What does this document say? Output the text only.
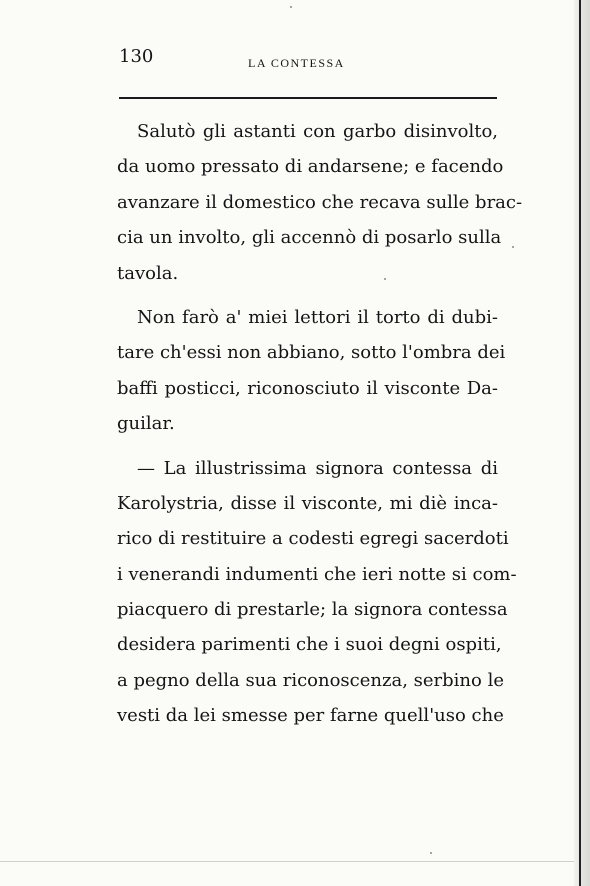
130	LA CONTESSA

Salutò gli astanti con garbo disinvolto,
da uomo pressato di andarsene; e facendo
avanzare il domestico che recava sulle brac-
cia un involto, gli accennò di posarlo sulla
tavola.

Non farò a' miei lettori il torto di dubi-
tare ch'essi non abbiano, sotto l'ombra dei
baffi posticci, riconosciuto il visconte Da-
guilar.

— La illustrissima signora contessa di
Karolystria, disse il visconte, mi diè inca-
rico di restituire a codesti egregi sacerdoti
i venerandi indumenti che ieri notte si com-
piacquero di prestarle; la signora contessa
desidera parimenti che i suoi degni ospiti,
a pegno della sua riconoscenza, serbino le
vesti da lei smesse per farne quell'uso che
